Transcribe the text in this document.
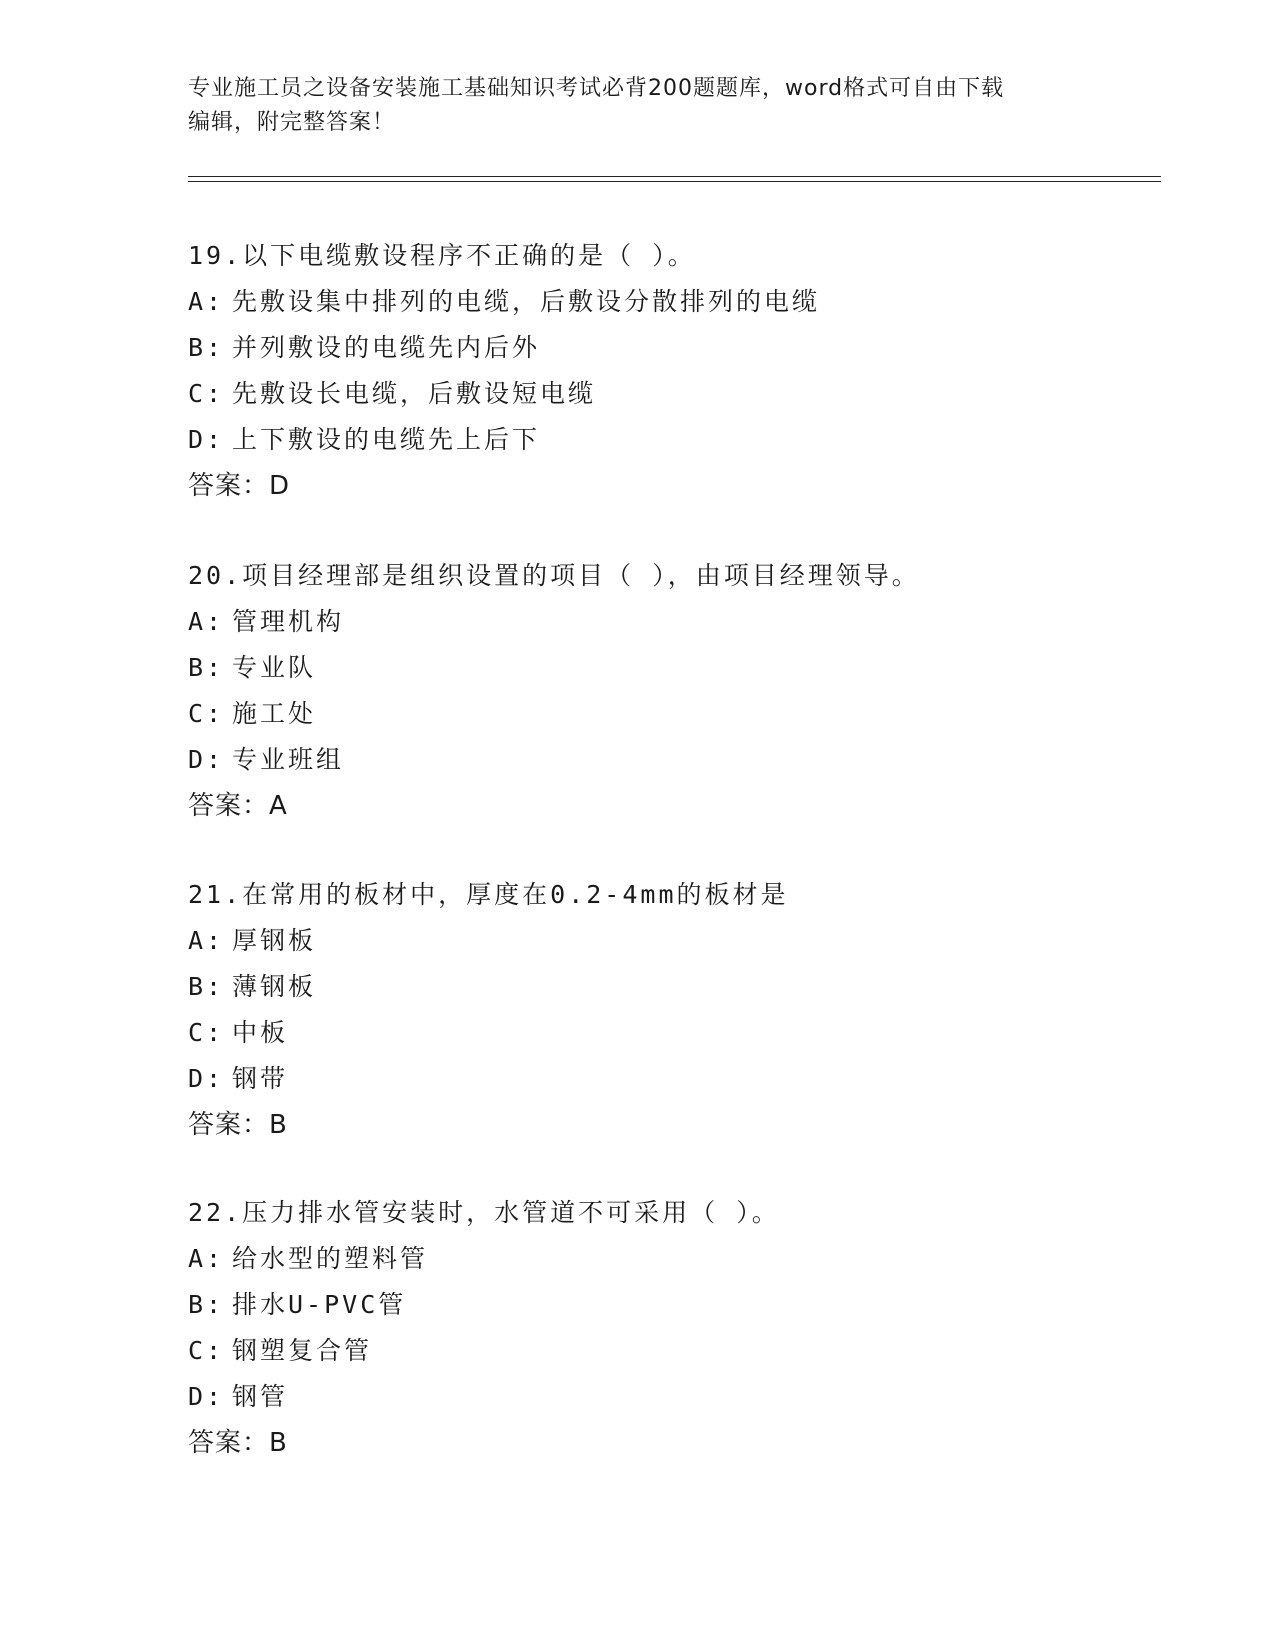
专业施工员之设备安装施工基础知识考试必背200题题库，word格式可自由下载
编辑，附完整答案！
19.以下电缆敷设程序不正确的是（ ）。
A: 先敷设集中排列的电缆，后敷设分散排列的电缆
B: 并列敷设的电缆先内后外
C: 先敷设长电缆，后敷设短电缆
D: 上下敷设的电缆先上后下
答案：D
20.项目经理部是组织设置的项目（ ），由项目经理领导。
A: 管理机构
B: 专业队
C: 施工处
D: 专业班组
答案：A
21.在常用的板材中，厚度在0.2-4mm的板材是
A: 厚钢板
B: 薄钢板
C: 中板
D: 钢带
答案：B
22.压力排水管安装时，水管道不可采用（ ）。
A: 给水型的塑料管
B: 排水U-PVC管
C: 钢塑复合管
D: 钢管
答案：B
